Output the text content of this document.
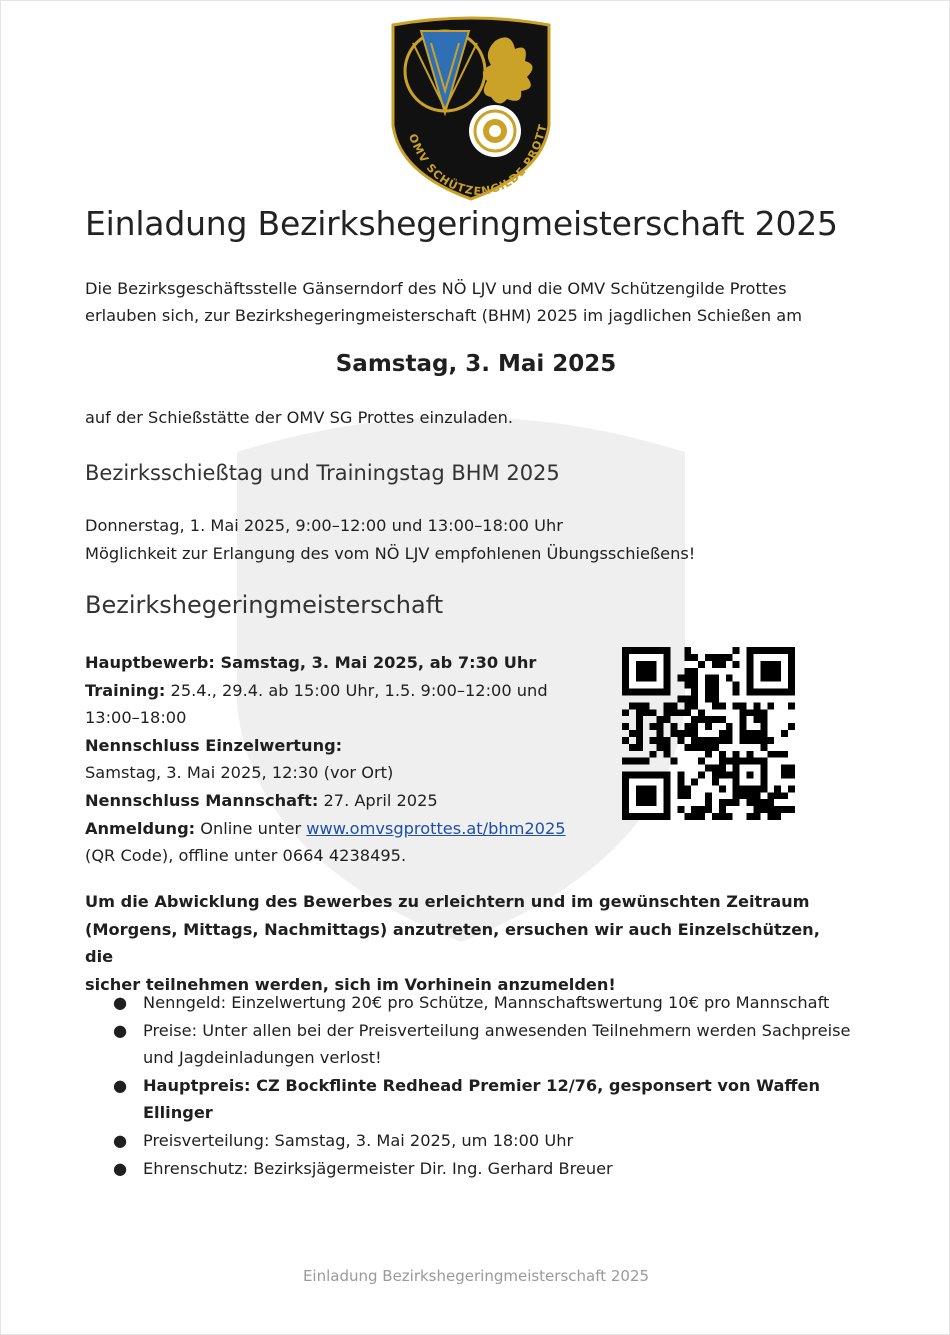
OMV SCHÜTZENGILDE PROTT
Einladung Bezirkshegeringmeisterschaft 2025

Die Bezirksgeschäftsstelle Gänserndorf des NÖ LJV und die OMV Schützengilde Prottes
erlauben sich, zur Bezirkshegeringmeisterschaft (BHM) 2025 im jagdlichen Schießen am

Samstag, 3. Mai 2025

auf der Schießstätte der OMV SG Prottes einzuladen.

Bezirksschießtag und Trainingstag BHM 2025

Donnerstag, 1. Mai 2025, 9:00–12:00 und 13:00–18:00 Uhr
Möglichkeit zur Erlangung des vom NÖ LJV empfohlenen Übungsschießens!

Bezirkshegeringmeisterschaft

Hauptbewerb: Samstag, 3. Mai 2025, ab 7:30 Uhr
Training: 25.4., 29.4. ab 15:00 Uhr, 1.5. 9:00–12:00 und 13:00–18:00
Nennschluss Einzelwertung:
Samstag, 3. Mai 2025, 12:30 (vor Ort)
Nennschluss Mannschaft: 27. April 2025
Anmeldung: Online unter www.omvsgprottes.at/bhm2025
(QR Code), offline unter 0664 4238495.

Um die Abwicklung des Bewerbes zu erleichtern und im gewünschten Zeitraum
(Morgens, Mittags, Nachmittags) anzutreten, ersuchen wir auch Einzelschützen, die
sicher teilnehmen werden, sich im Vorhinein anzumelden!

● Nenngeld: Einzelwertung 20€ pro Schütze, Mannschaftswertung 10€ pro Mannschaft
● Preise: Unter allen bei der Preisverteilung anwesenden Teilnehmern werden Sachpreise und Jagdeinladungen verlost!
● Hauptpreis: CZ Bockflinte Redhead Premier 12/76, gesponsert von Waffen Ellinger
● Preisverteilung: Samstag, 3. Mai 2025, um 18:00 Uhr
● Ehrenschutz: Bezirksjägermeister Dir. Ing. Gerhard Breuer

Einladung Bezirkshegeringmeisterschaft 2025
